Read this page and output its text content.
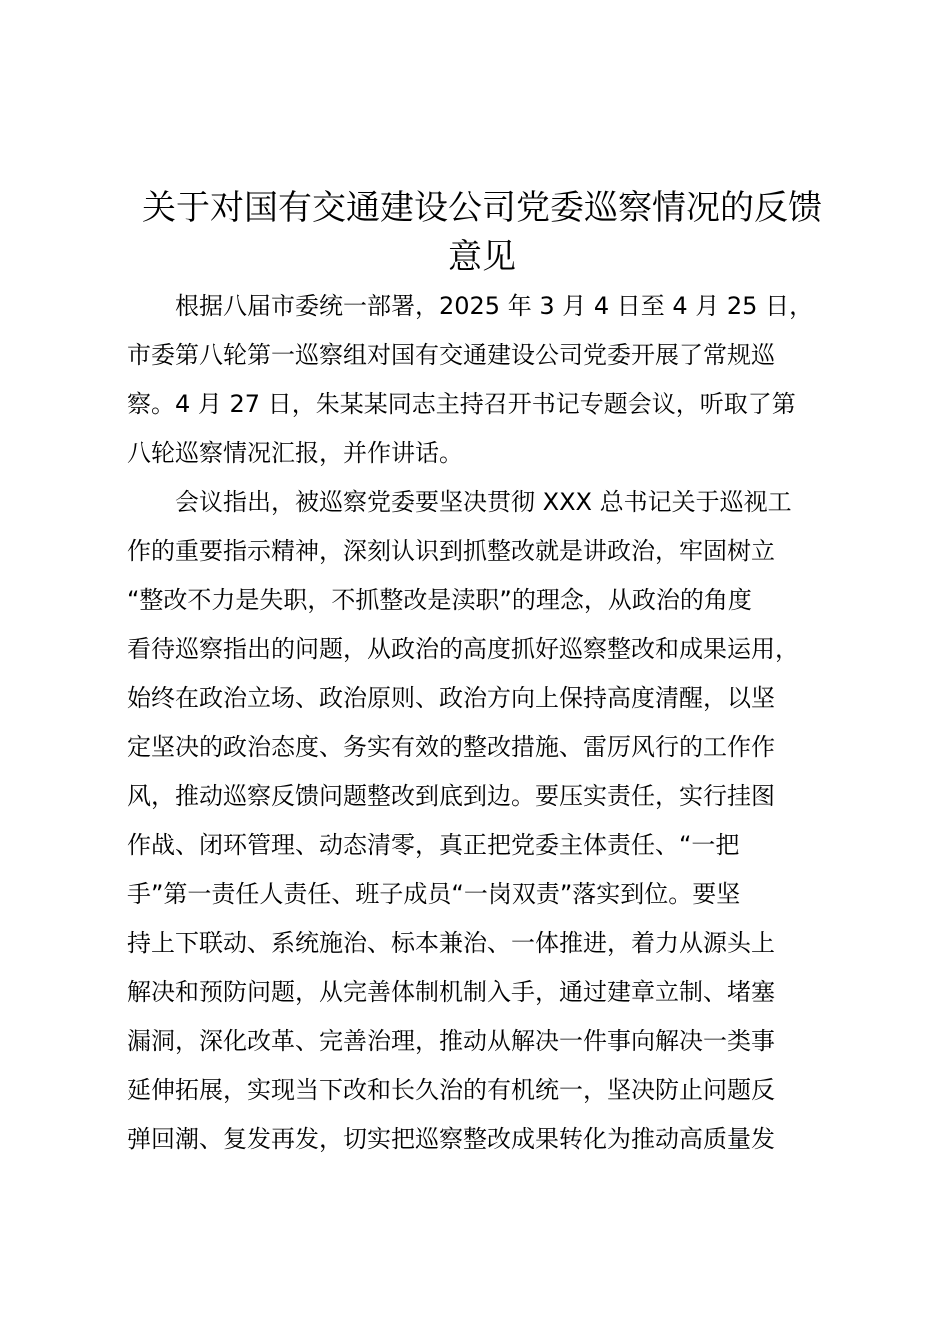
关于对国有交通建设公司党委巡察情况的反馈
意见
根据八届市委统一部署，2025 年 3 月 4 日至 4 月 25 日，
市委第八轮第一巡察组对国有交通建设公司党委开展了常规巡
察。4 月 27 日，朱某某同志主持召开书记专题会议，听取了第
八轮巡察情况汇报，并作讲话。
会议指出，被巡察党委要坚决贯彻 XXX 总书记关于巡视工
作的重要指示精神，深刻认识到抓整改就是讲政治，牢固树立
“整改不力是失职，不抓整改是渎职”的理念，从政治的角度
看待巡察指出的问题，从政治的高度抓好巡察整改和成果运用，
始终在政治立场、政治原则、政治方向上保持高度清醒，以坚
定坚决的政治态度、务实有效的整改措施、雷厉风行的工作作
风，推动巡察反馈问题整改到底到边。要压实责任，实行挂图
作战、闭环管理、动态清零，真正把党委主体责任、“一把
手”第一责任人责任、班子成员“一岗双责”落实到位。要坚
持上下联动、系统施治、标本兼治、一体推进，着力从源头上
解决和预防问题，从完善体制机制入手，通过建章立制、堵塞
漏洞，深化改革、完善治理，推动从解决一件事向解决一类事
延伸拓展，实现当下改和长久治的有机统一，坚决防止问题反
弹回潮、复发再发，切实把巡察整改成果转化为推动高质量发
